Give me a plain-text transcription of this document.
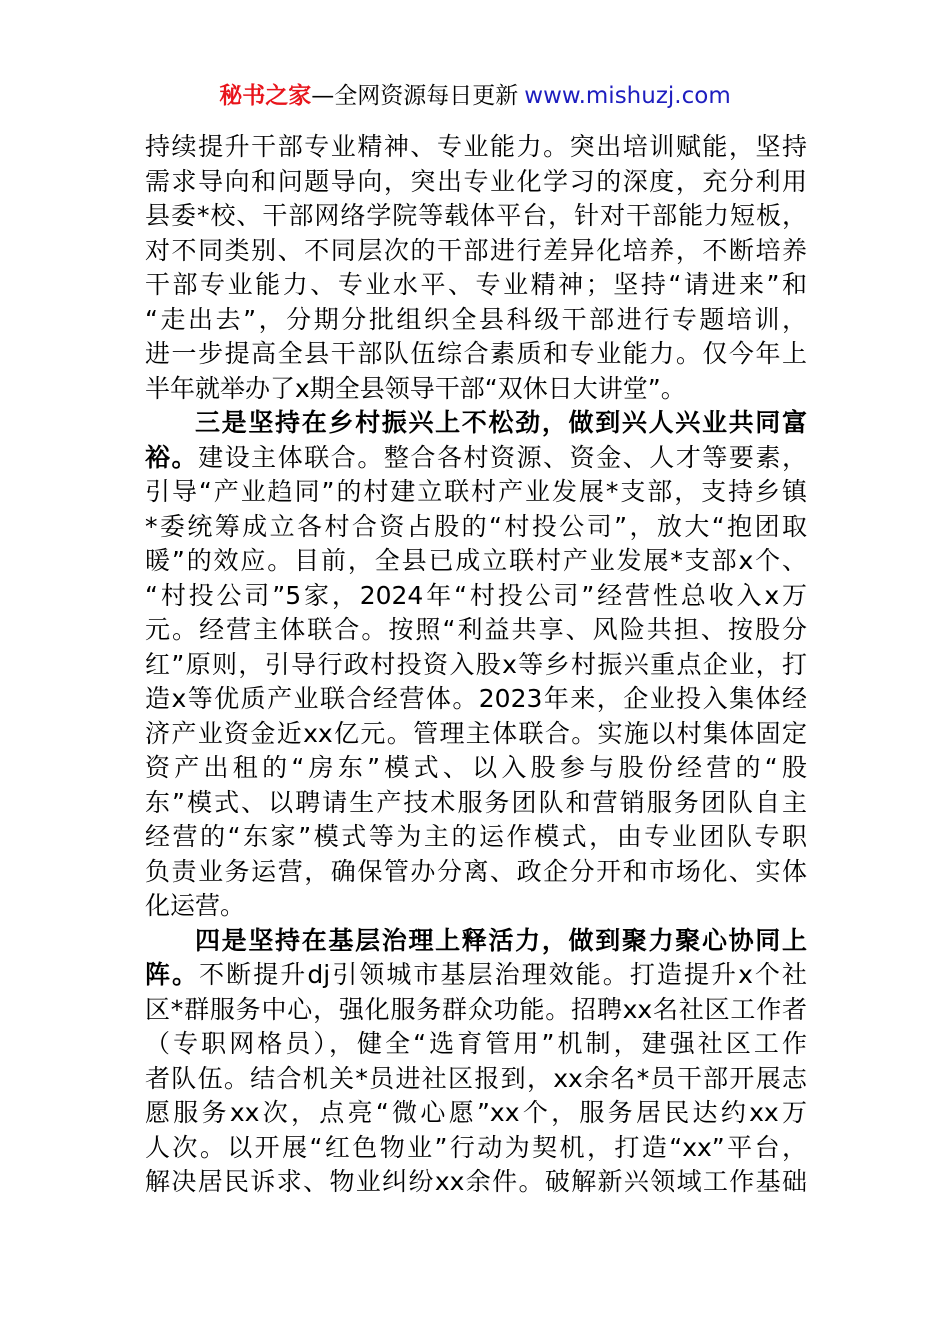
秘书之家—全网资源每日更新 www.mishuzj.com
持续提升干部专业精神、专业能力。突出培训赋能，坚持
需求导向和问题导向，突出专业化学习的深度，充分利用
县委*校、干部网络学院等载体平台，针对干部能力短板，
对不同类别、不同层次的干部进行差异化培养，不断培养
干部专业能力、专业水平、专业精神；坚持“请进来”和
“走出去”，分期分批组织全县科级干部进行专题培训，
进一步提高全县干部队伍综合素质和专业能力。仅今年上
半年就举办了x期全县领导干部“双休日大讲堂”。
三是坚持在乡村振兴上不松劲，做到兴人兴业共同富
裕。建设主体联合。整合各村资源、资金、人才等要素，
引导“产业趋同”的村建立联村产业发展*支部，支持乡镇
*委统筹成立各村合资占股的“村投公司”，放大“抱团取
暖”的效应。目前，全县已成立联村产业发展*支部x个、
“村投公司”5家，2024年“村投公司”经营性总收入x万
元。经营主体联合。按照“利益共享、风险共担、按股分
红”原则，引导行政村投资入股x等乡村振兴重点企业，打
造x等优质产业联合经营体。2023年来，企业投入集体经
济产业资金近xx亿元。管理主体联合。实施以村集体固定
资产出租的“房东”模式、以入股参与股份经营的“股
东”模式、以聘请生产技术服务团队和营销服务团队自主
经营的“东家”模式等为主的运作模式，由专业团队专职
负责业务运营，确保管办分离、政企分开和市场化、实体
化运营。
四是坚持在基层治理上释活力，做到聚力聚心协同上
阵。不断提升dj引领城市基层治理效能。打造提升x个社
区*群服务中心，强化服务群众功能。招聘xx名社区工作者
（专职网格员），健全“选育管用”机制，建强社区工作
者队伍。结合机关*员进社区报到，xx余名*员干部开展志
愿服务xx次，点亮“微心愿”xx个，服务居民达约xx万
人次。以开展“红色物业”行动为契机，打造“xx”平台，
解决居民诉求、物业纠纷xx余件。破解新兴领域工作基础
